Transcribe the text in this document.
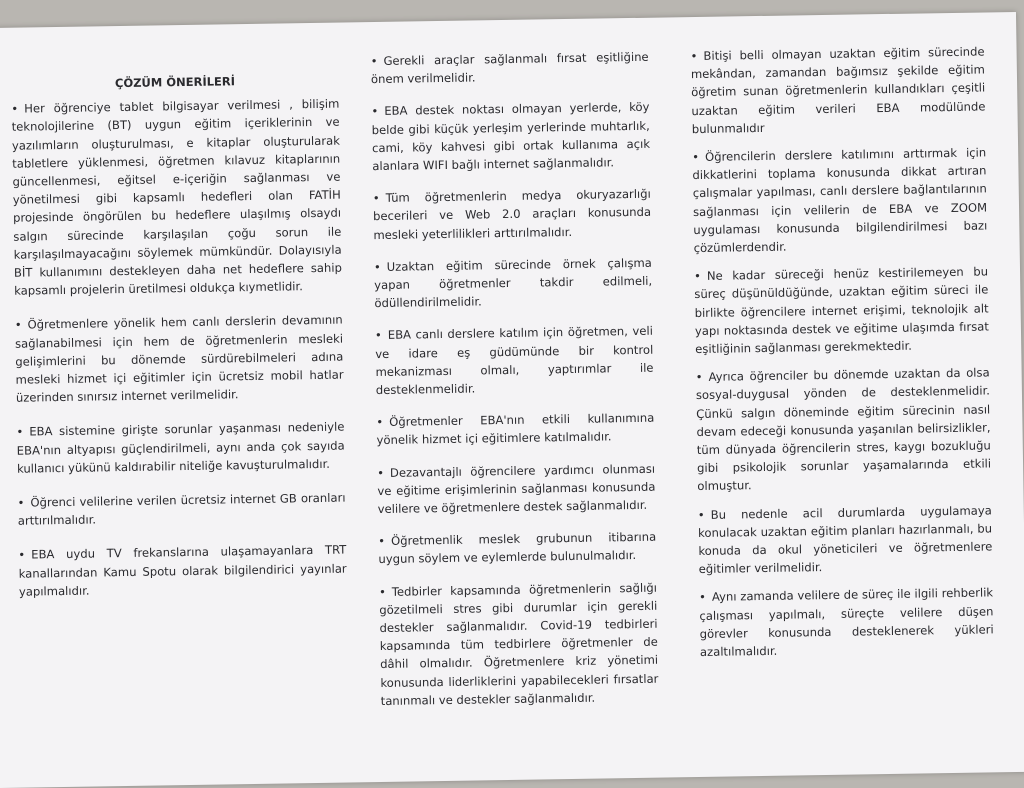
ÇÖZÜM ÖNERİLERİ
• Her öğrenciye tablet bilgisayar verilmesi , bilişim teknolojilerine (BT) uygun eğitim içeriklerinin ve yazılımların oluşturulması, e kitaplar oluşturularak tabletlere yüklenmesi, öğretmen kılavuz kitaplarının güncellenmesi, eğitsel e-içeriğin sağlanması ve yönetilmesi gibi kapsamlı hedefleri olan FATİH projesinde öngörülen bu hedeflere ulaşılmış olsaydı salgın sürecinde karşılaşılan çoğu sorun ile karşılaşılmayacağını söylemek mümkündür. Dolayısıyla BİT kullanımını destekleyen daha net hedeflere sahip kapsamlı projelerin üretilmesi oldukça kıymetlidir.
• Öğretmenlere yönelik hem canlı derslerin devamının sağlanabilmesi için hem de öğretmenlerin mesleki gelişimlerini bu dönemde sürdürebilmeleri adına mesleki hizmet içi eğitimler için ücretsiz mobil hatlar üzerinden sınırsız internet verilmelidir.
• EBA sistemine girişte sorunlar yaşanması nedeniyle EBA'nın altyapısı güçlendirilmeli, aynı anda çok sayıda kullanıcı yükünü kaldırabilir niteliğe kavuşturulmalıdır.
• Öğrenci velilerine verilen ücretsiz internet GB oranları arttırılmalıdır.
• EBA uydu TV frekanslarına ulaşamayanlara TRT kanallarından Kamu Spotu olarak bilgilendirici yayınlar yapılmalıdır.
• Gerekli araçlar sağlanmalı fırsat eşitliğine önem verilmelidir.
• EBA destek noktası olmayan yerlerde, köy belde gibi küçük yerleşim yerlerinde muhtarlık, cami, köy kahvesi gibi ortak kullanıma açık alanlara WIFI bağlı internet sağlanmalıdır.
• Tüm öğretmenlerin medya okuryazarlığı becerileri ve Web 2.0 araçları konusunda mesleki yeterlilikleri arttırılmalıdır.
• Uzaktan eğitim sürecinde örnek çalışma yapan öğretmenler takdir edilmeli, ödüllendirilmelidir.
• EBA canlı derslere katılım için öğretmen, veli ve idare eş güdümünde bir kontrol mekanizması olmalı, yaptırımlar ile desteklenmelidir.
• Öğretmenler EBA'nın etkili kullanımına yönelik hizmet içi eğitimlere katılmalıdır.
• Dezavantajlı öğrencilere yardımcı olunması ve eğitime erişimlerinin sağlanması konusunda velilere ve öğretmenlere destek sağlanmalıdır.
• Öğretmenlik meslek grubunun itibarına uygun söylem ve eylemlerde bulunulmalıdır.
• Tedbirler kapsamında öğretmenlerin sağlığı gözetilmeli stres gibi durumlar için gerekli destekler sağlanmalıdır. Covid-19 tedbirleri kapsamında tüm tedbirlere öğretmenler de dâhil olmalıdır. Öğretmenlere kriz yönetimi konusunda liderliklerini yapabilecekleri fırsatlar tanınmalı ve destekler sağlanmalıdır.
• Bitişi belli olmayan uzaktan eğitim sürecinde mekândan, zamandan bağımsız şekilde eğitim öğretim sunan öğretmenlerin kullandıkları çeşitli uzaktan eğitim verileri EBA modülünde bulunmalıdır
• Öğrencilerin derslere katılımını arttırmak için dikkatlerini toplama konusunda dikkat artıran çalışmalar yapılması, canlı derslere bağlantılarının sağlanması için velilerin de EBA ve ZOOM uygulaması konusunda bilgilendirilmesi bazı çözümlerdendir.
• Ne kadar süreceği henüz kestirilemeyen bu süreç düşünüldüğünde, uzaktan eğitim süreci ile birlikte öğrencilere internet erişimi, teknolojik alt yapı noktasında destek ve eğitime ulaşımda fırsat eşitliğinin sağlanması gerekmektedir.
• Ayrıca öğrenciler bu dönemde uzaktan da olsa sosyal-duygusal yönden de desteklenmelidir. Çünkü salgın döneminde eğitim sürecinin nasıl devam edeceği konusunda yaşanılan belirsizlikler, tüm dünyada öğrencilerin stres, kaygı bozukluğu gibi psikolojik sorunlar yaşamalarında etkili olmuştur.
• Bu nedenle acil durumlarda uygulamaya konulacak uzaktan eğitim planları hazırlanmalı, bu konuda da okul yöneticileri ve öğretmenlere eğitimler verilmelidir.
• Aynı zamanda velilere de süreç ile ilgili rehberlik çalışması yapılmalı, süreçte velilere düşen görevler konusunda desteklenerek yükleri azaltılmalıdır.
